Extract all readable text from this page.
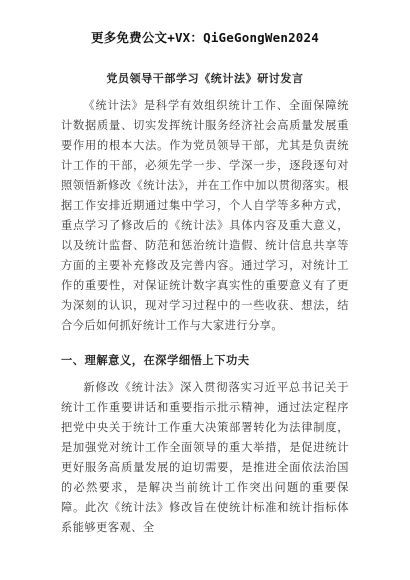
更多免费公文+VX：QiGeGongWen2024
党员领导干部学习《统计法》研讨发言

《统计法》是科学有效组织统计工作、全面保障统计数据质量、切实发挥统计服务经济社会高质量发展重要作用的根本大法。作为党员领导干部，尤其是负责统计工作的干部，必须先学一步、学深一步，逐段逐句对照领悟新修改《统计法》，并在工作中加以贯彻落实。根据工作安排近期通过集中学习，个人自学等多种方式，重点学习了修改后的《统计法》具体内容及重大意义，以及统计监督、防范和惩治统计造假、统计信息共享等方面的主要补充修改及完善内容。通过学习，对统计工作的重要性，对保证统计数字真实性的重要意义有了更为深刻的认识，现对学习过程中的一些收获、想法，结合今后如何抓好统计工作与大家进行分享。

一、理解意义，在深学细悟上下功夫

新修改《统计法》深入贯彻落实习近平总书记关于统计工作重要讲话和重要指示批示精神，通过法定程序把党中央关于统计工作重大决策部署转化为法律制度，是加强党对统计工作全面领导的重大举措，是促进统计更好服务高质量发展的迫切需要，是推进全面依法治国的必然要求，是解决当前统计工作突出问题的重要保障。此次《统计法》修改旨在使统计标准和统计指标体系能够更客观、全
